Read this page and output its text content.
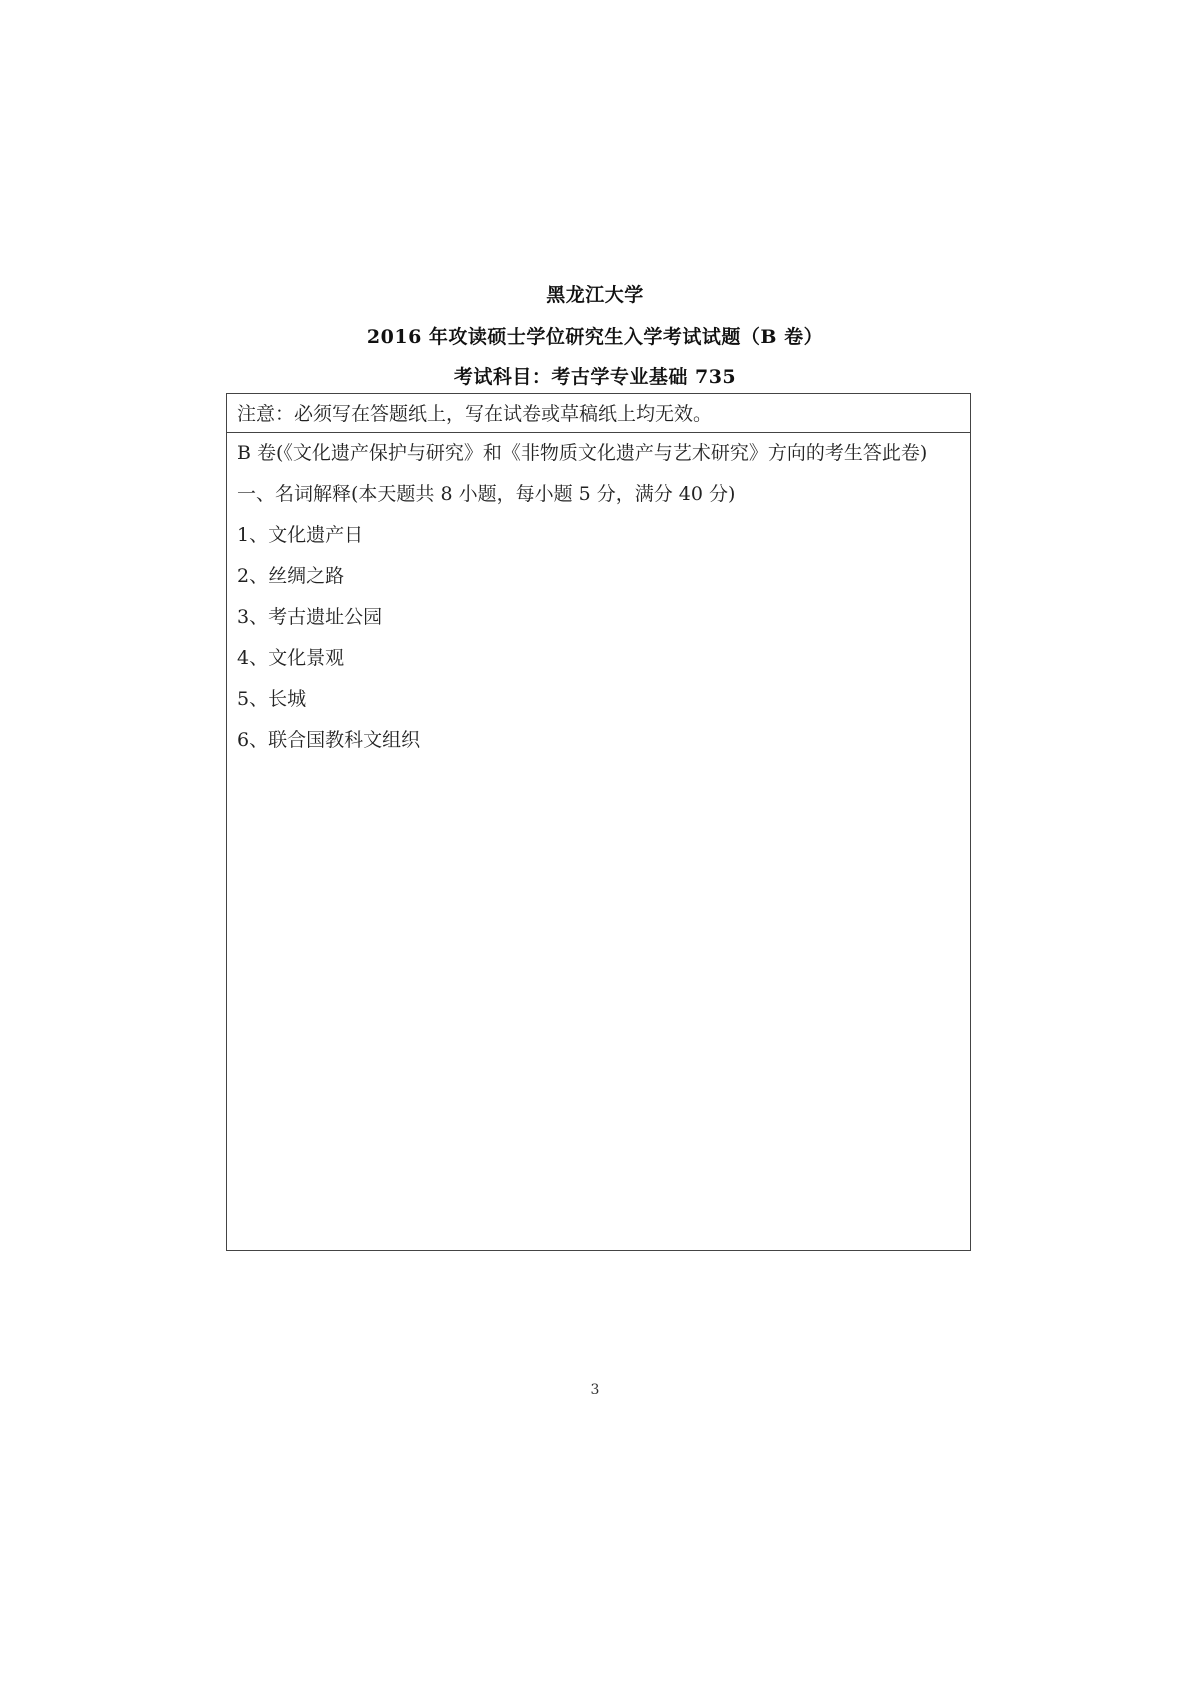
黑龙江大学
2016 年攻读硕士学位研究生入学考试试题（B 卷）
考试科目：考古学专业基础 735
注意：必须写在答题纸上，写在试卷或草稿纸上均无效。
B 卷(《文化遗产保护与研究》和《非物质文化遗产与艺术研究》方向的考生答此卷)
一、名词解释(本天题共 8 小题，每小题 5 分，满分 40 分)
1、文化遗产日
2、丝绸之路
3、考古遗址公园
4、文化景观
5、长城
6、联合国教科文组织
3
